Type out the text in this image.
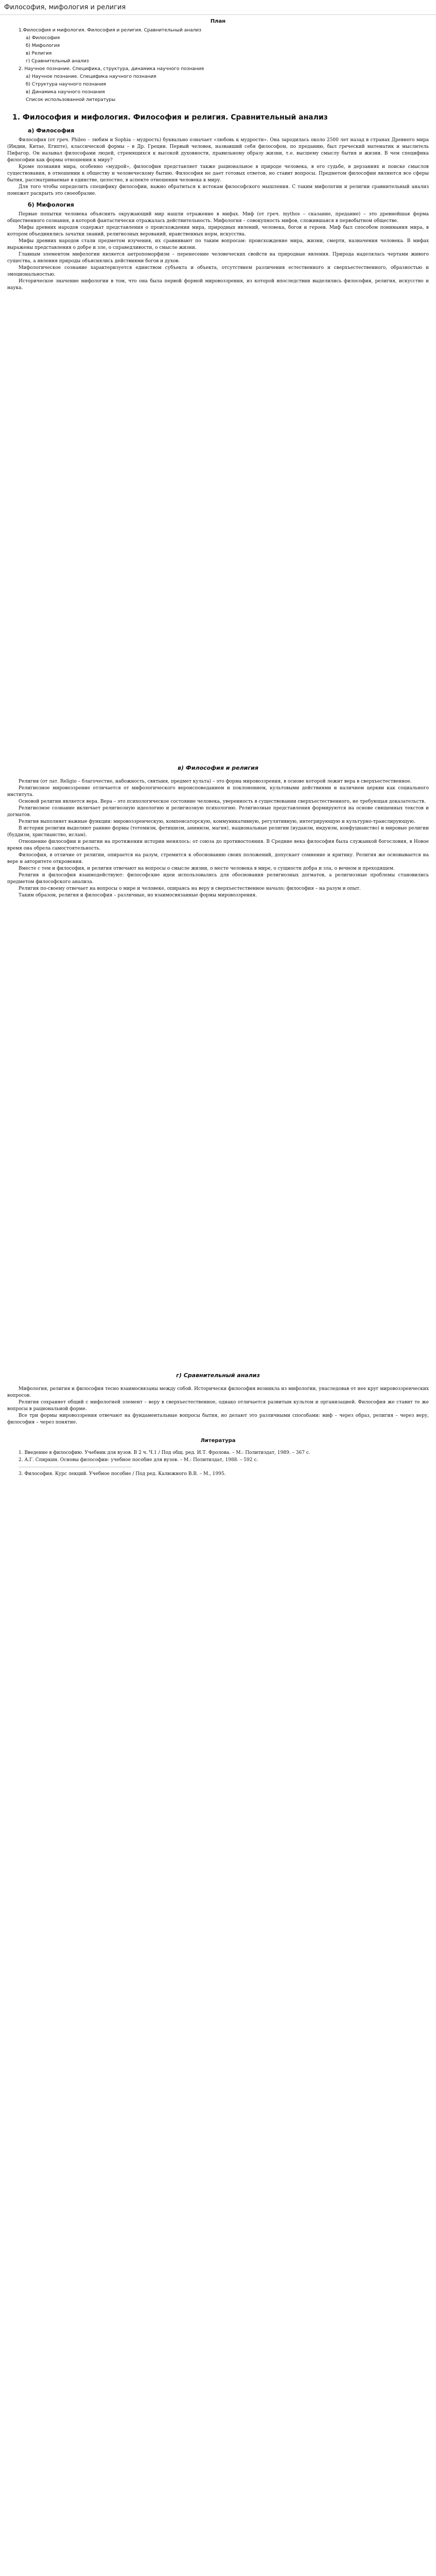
Философия, мифология и религия
План
1.Философия и мифология. Философия и религия. Сравнительный анализ
а) Философия
б) Мифология
в) Религия
г) Сравнительный анализ
2. Научное познание. Специфика, структура, динамика научного познания
а) Научное познание. Специфика научного познания
б) Структура научного познания
в) Динамика научного познания
Список использованной литературы
1. Философия и мифология. Философия и религия. Сравнительный анализ
а) Философия

Философия (от греч. Phileo – любим и Sophia – мудрость) буквально означает «любовь к мудрости». Она зародилась около 2500 лет назад в странах Древнего мира (Индии, Китае, Египте), классической формы – в Др. Греции. Первый человек, назвавший себя философом, по преданию, был греческий математик и мыслитель Пифагор. Он называл философами людей, стремящихся к высокой духовности, правильному образу жизни, т.е. высшему смыслу бытия и жизни. В чем специфика философии как формы отношения к миру?

Кроме познания мира, особенно «мудрой», философия представляет также рациональное в природе человека, в его судьбе, в дерзаниях и поиске смыслов существования, в отношении к обществу и человеческому бытию. Философия не дает готовых ответов, но ставит вопросы. Предметом философии являются все сферы бытия, рассматриваемые в единстве, целостно, в аспекте отношения человека к миру.

Для того чтобы определить специфику философии, важно обратиться к истокам философского мышления. С таким мифологии и религии сравнительный анализ поможет раскрыть это своеобразие.

б) Мифология

Первые попытки человека объяснить окружающий мир нашли отражение в мифах. Миф (от греч. mythos – сказание, предание) – это древнейшая форма общественного сознания, в которой фантастически отражалась действительность. Мифология – совокупность мифов, сложившаяся в первобытном обществе.

Мифы древних народов содержат представления о происхождении мира, природных явлений, человека, богов и героев. Миф был способом понимания мира, в котором объединялись зачатки знаний, религиозных верований, нравственных норм, искусства.

Мифы древних народов стали предметом изучения, их сравнивают по таким вопросам: происхождение мира, жизни, смерти, назначения человека. В мифах выражены представления о добре и зле, о справедливости, о смысле жизни.

Главным элементом мифологии является антропоморфизм – перенесение человеческих свойств на природные явления. Природа наделялась чертами живого существа, а явления природы объяснялись действиями богов и духов.

Мифологическое сознание характеризуется единством субъекта и объекта, отсутствием различения естественного и сверхъестественного, образностью и эмоциональностью.

Историческое значение мифологии в том, что она была первой формой мировоззрения, из которой впоследствии выделились философия, религия, искусство и наука.

в) Философия и религия

Религия (от лат. Religio – благочестие, набожность, святыня, предмет культа) – это форма мировоззрения, в основе которой лежит вера в сверхъестественное.

Религиозное мировоззрение отличается от мифологического вероисповеданием и поклонением, культовыми действиями и наличием церкви как социального института.

Основой религии является вера. Вера – это психологическое состояние человека, уверенность в существовании сверхъестественного, не требующая доказательств.

Религиозное сознание включает религиозную идеологию и религиозную психологию. Религиозные представления формируются на основе священных текстов и догматов.

Религия выполняет важные функции: мировоззренческую, компенсаторскую, коммуникативную, регулятивную, интегрирующую и культурно-транслирующую.

В истории религии выделяют ранние формы (тотемизм, фетишизм, анимизм, магия), национальные религии (иудаизм, индуизм, конфуцианство) и мировые религии (буддизм, христианство, ислам).

Отношение философии и религии на протяжении истории менялось: от союза до противостояния. В Средние века философия была служанкой богословия, в Новое время она обрела самостоятельность.

Философия, в отличие от религии, опирается на разум, стремится к обоснованию своих положений, допускает сомнение и критику. Религия же основывается на вере и авторитете откровения.

Вместе с тем и философия, и религия отвечают на вопросы о смысле жизни, о месте человека в мире, о сущности добра и зла, о вечном и преходящем.

Религия и философия взаимодействуют: философские идеи использовались для обоснования религиозных догматов, а религиозные проблемы становились предметом философского анализа.

Религия по-своему отвечает на вопросы о мире и человеке, опираясь на веру в сверхъестественное начало; философия – на разум и опыт.

Таким образом, религия и философия – различные, но взаимосвязанные формы мировоззрения.

г) Сравнительный анализ

Мифология, религия и философия тесно взаимосвязаны между собой. Исторически философия возникла из мифологии, унаследовав от нее круг мировоззренческих вопросов.

Религия сохраняет общий с мифологией элемент – веру в сверхъестественное, однако отличается развитым культом и организацией. Философия же ставит те же вопросы в рациональной форме.

Все три формы мировоззрения отвечают на фундаментальные вопросы бытия, но делают это различными способами: миф – через образ, религия – через веру, философия – через понятие.

Литература
1. Введение в философию. Учебник для вузов. В 2 ч. Ч.1 / Под общ. ред. И.Т. Фролова. – М.: Политиздат, 1989. – 367 с.
2. А.Г. Спиркин. Основы философии: учебное пособие для вузов. – М.: Политиздат, 1988. – 592 с.
3. Философия. Курс лекций. Учебное пособие / Под ред. Калюжного В.В. – М., 1995.
